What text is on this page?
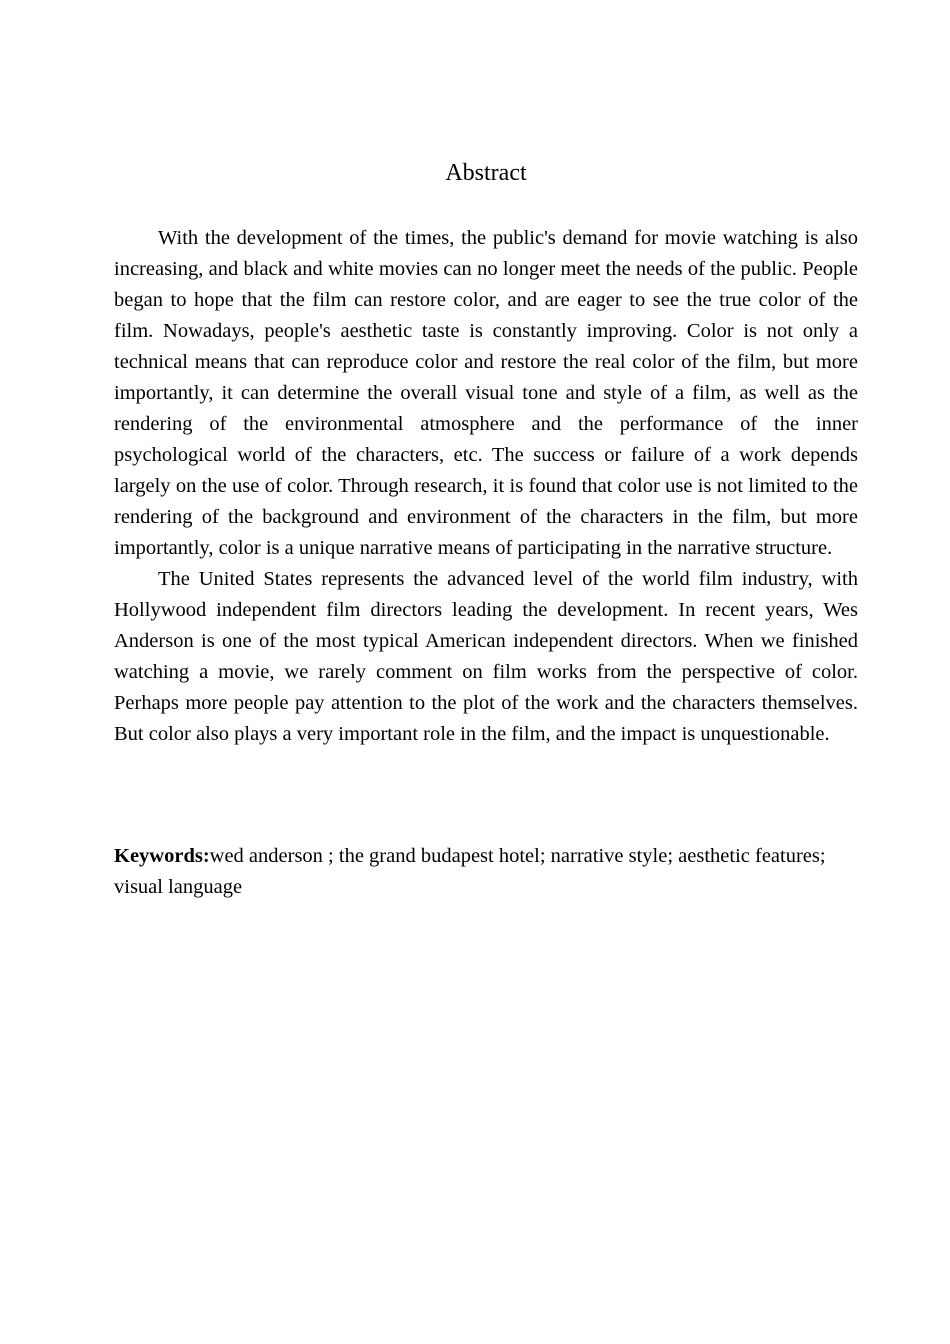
Abstract

With the development of the times, the public's demand for movie watching is also increasing, and black and white movies can no longer meet the needs of the public. People began to hope that the film can restore color, and are eager to see the true color of the film. Nowadays, people's aesthetic taste is constantly improving. Color is not only a technical means that can reproduce color and restore the real color of the film, but more importantly, it can determine the overall visual tone and style of a film, as well as the rendering of the environmental atmosphere and the performance of the inner psychological world of the characters, etc. The success or failure of a work depends largely on the use of color. Through research, it is found that color use is not limited to the rendering of the background and environment of the characters in the film, but more importantly, color is a unique narrative means of participating in the narrative structure.

The United States represents the advanced level of the world film industry, with Hollywood independent film directors leading the development. In recent years, Wes Anderson is one of the most typical American independent directors. When we finished watching a movie, we rarely comment on film works from the perspective of color. Perhaps more people pay attention to the plot of the work and the characters themselves. But color also plays a very important role in the film, and the impact is unquestionable.

Keywords:wed anderson ; the grand budapest hotel; narrative style; aesthetic features; visual language
